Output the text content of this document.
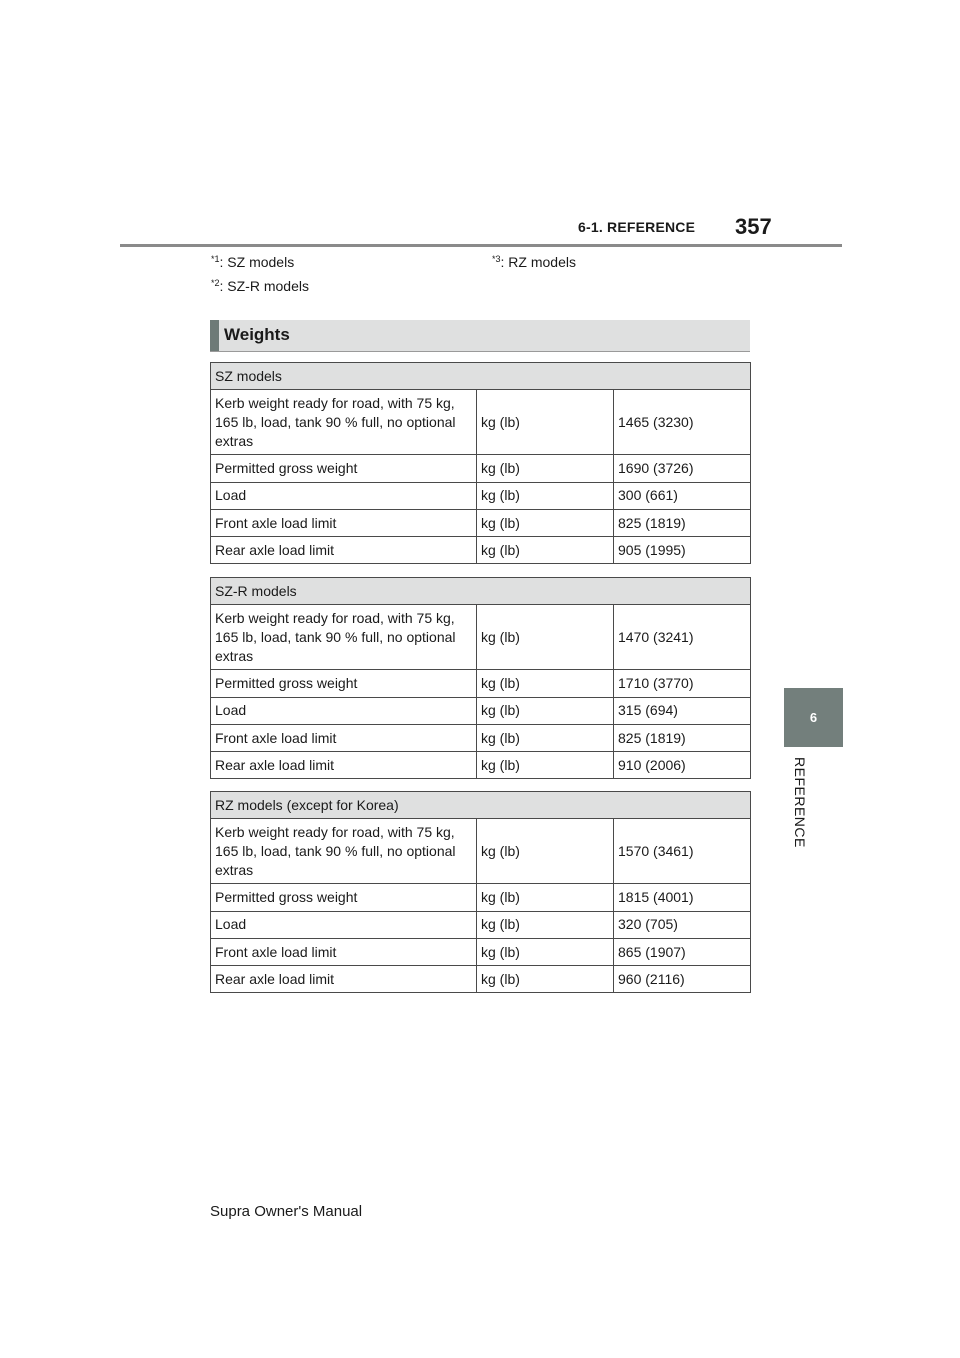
6-1. REFERENCE 357
6
REFERENCE
$^{*1}$: SZ models
$^{*2}$: SZ-R models
$^{*3}$: RZ models
Weights
SZ models		
Kerb weight ready for road, with 75 kg, 165 lb, load, tank 90 % full, no optional extras	kg (lb)	1465 (3230)
Permitted gross weight	kg (lb)	1690 (3726)
Load	kg (lb)	300 (661)
Front axle load limit	kg (lb)	825 (1819)
Rear axle load limit	kg (lb)	905 (1995)
SZ-R models		
Kerb weight ready for road, with 75 kg, 165 lb, load, tank 90 % full, no optional extras	kg (lb)	1470 (3241)
Permitted gross weight	kg (lb)	1710 (3770)
Load	kg (lb)	315 (694)
Front axle load limit	kg (lb)	825 (1819)
Rear axle load limit	kg (lb)	910 (2006)
RZ models (except for Korea)		
Kerb weight ready for road, with 75 kg, 165 lb, load, tank 90 % full, no optional extras	kg (lb)	1570 (3461)
Permitted gross weight	kg (lb)	1815 (4001)
Load	kg (lb)	320 (705)
Front axle load limit	kg (lb)	865 (1907)
Rear axle load limit	kg (lb)	960 (2116)
Supra Owner's Manual
